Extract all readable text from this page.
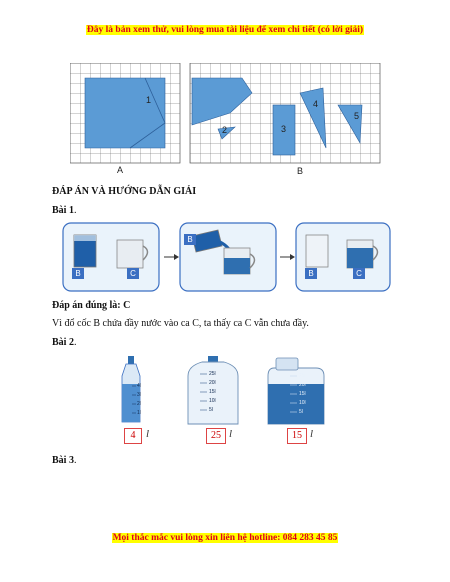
Đây là bản xem thử, vui lòng mua tài liệu để xem chi tiết (có lời giải)
1
2	3
4
5
A	B
ĐÁP ÁN VÀ HƯỚNG DẪN GIẢI
Bài 1.
B	C
B
B	C
Đáp án đúng là: C
Vì đổ cốc B chứa đầy nước vào ca C, ta thấy ca C vẫn chưa đầy.
Bài 2.
4l
3l
2l
1l
25l
20l
15l
10l
5l
25l
20l
15l
10l
5l
4 l	25 l	15 l
Bài 3.
Mọi thắc mắc vui lòng xin liên hệ hotline: 084 283 45 85
